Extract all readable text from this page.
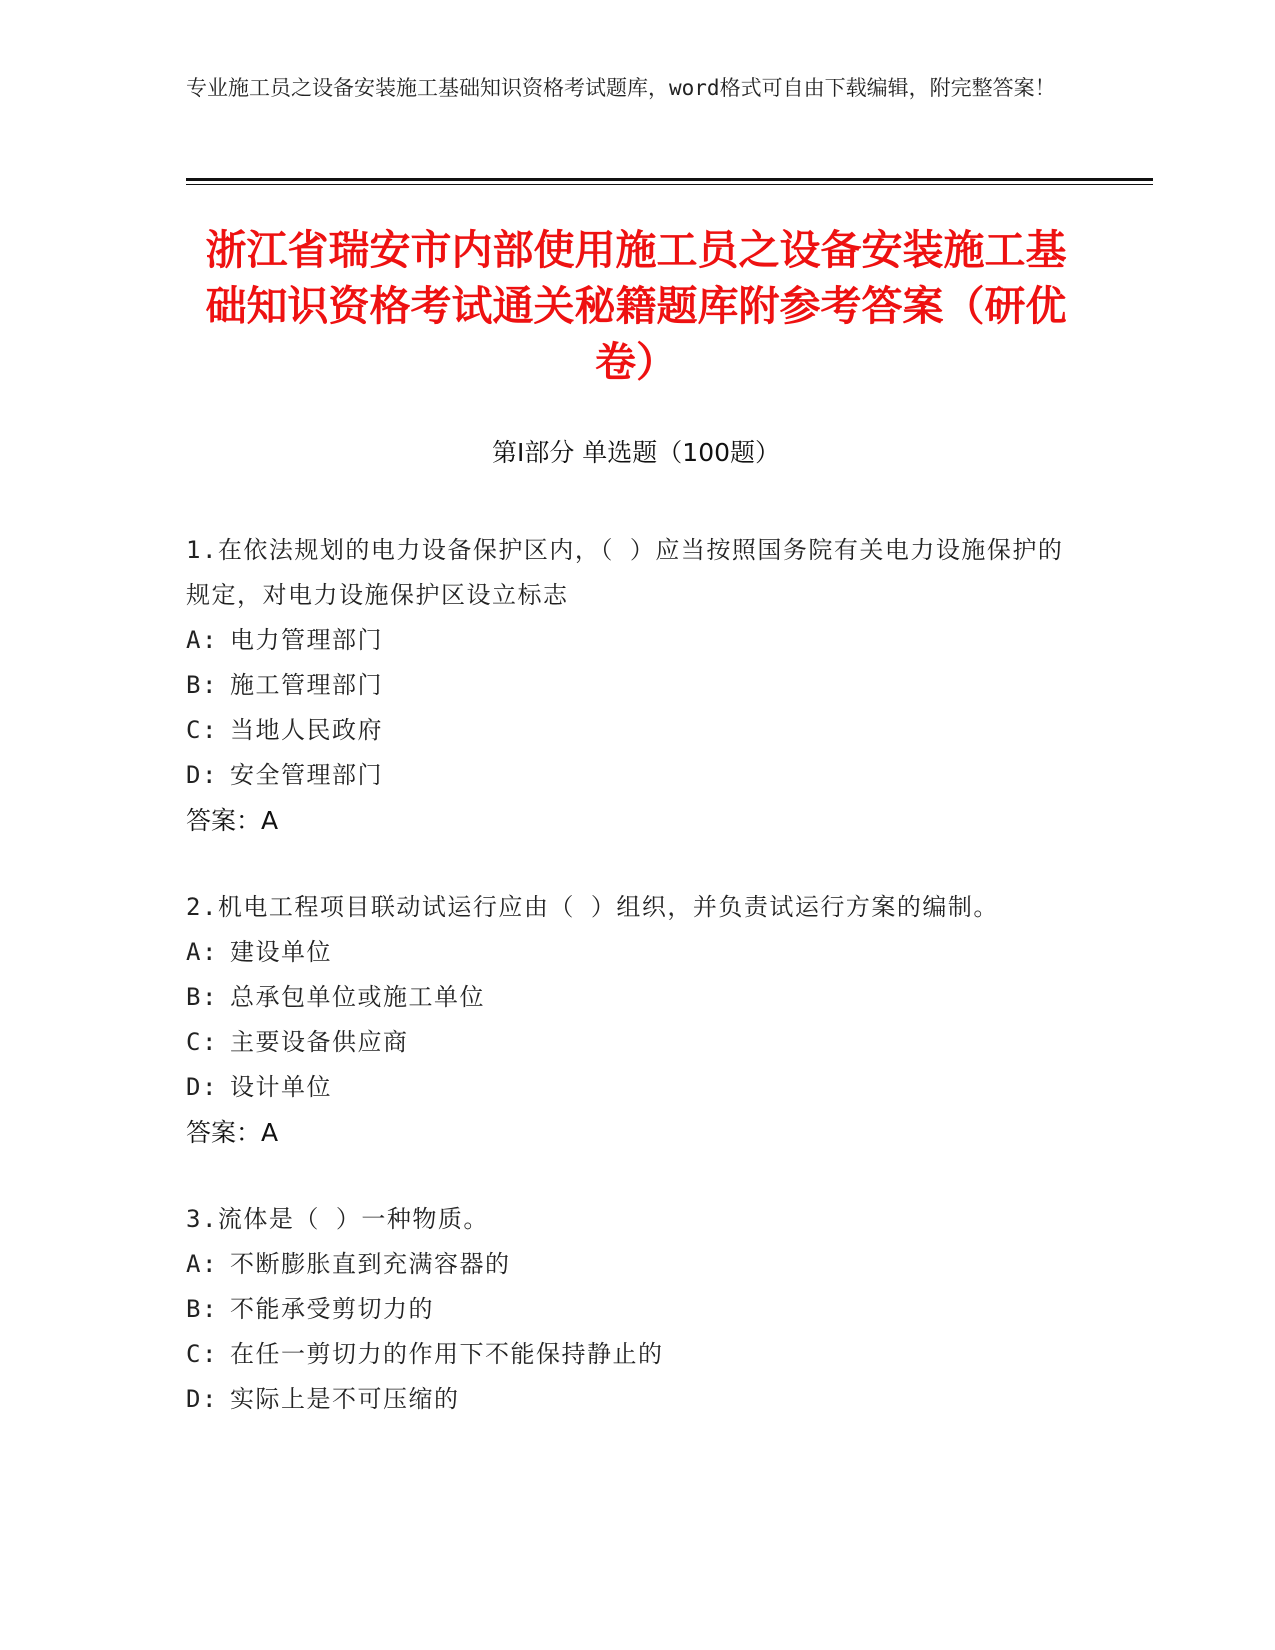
专业施工员之设备安装施工基础知识资格考试题库，word格式可自由下载编辑，附完整答案！
浙江省瑞安市内部使用施工员之设备安装施工基础知识资格考试通关秘籍题库附参考答案（研优卷）
第Ⅰ部分 单选题（100题）
1.在依法规划的电力设备保护区内，（ ）应当按照国务院有关电力设施保护的规定，对电力设施保护区设立标志
A: 电力管理部门
B: 施工管理部门
C: 当地人民政府
D: 安全管理部门
答案：A
2.机电工程项目联动试运行应由（ ）组织，并负责试运行方案的编制。
A: 建设单位
B: 总承包单位或施工单位
C: 主要设备供应商
D: 设计单位
答案：A
3.流体是（ ）一种物质。
A: 不断膨胀直到充满容器的
B: 不能承受剪切力的
C: 在任一剪切力的作用下不能保持静止的
D: 实际上是不可压缩的
